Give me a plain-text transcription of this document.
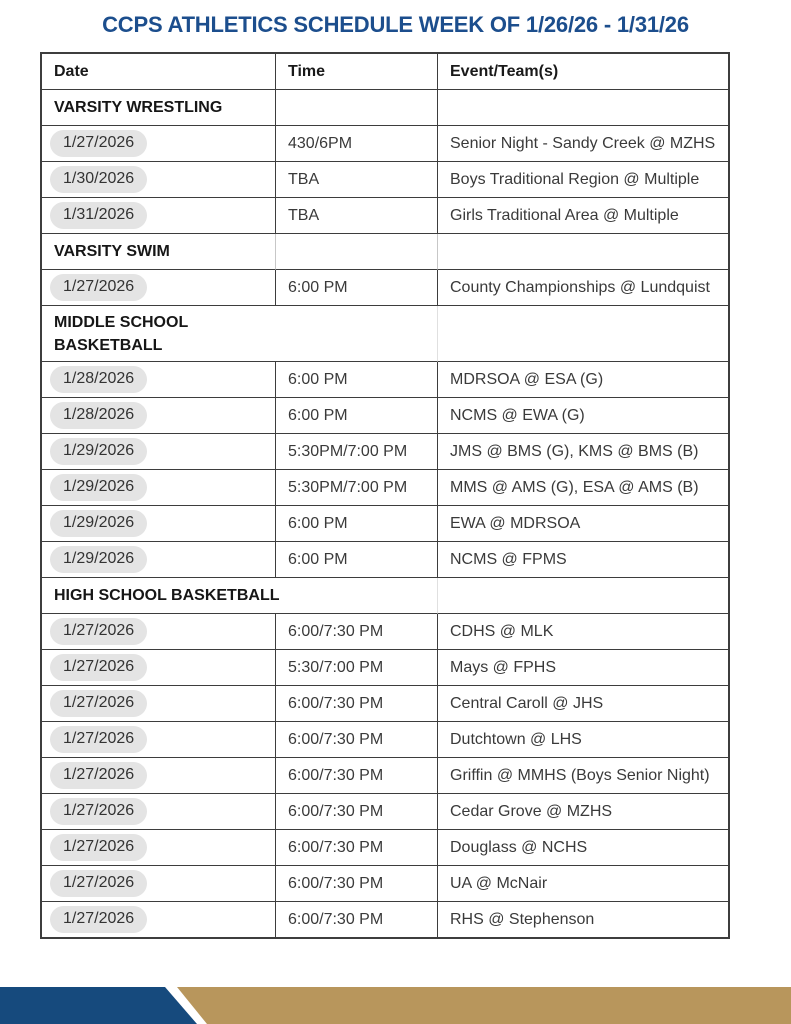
CCPS ATHLETICS SCHEDULE WEEK OF 1/26/26 - 1/31/26
Date	Time	Event/Team(s)
VARSITY WRESTLING		
1/27/2026	430/6PM	Senior Night - Sandy Creek @ MZHS
1/30/2026	TBA	Boys Traditional Region @ Multiple
1/31/2026	TBA	Girls Traditional Area @ Multiple
VARSITY SWIM		
1/27/2026	6:00 PM	County Championships @ Lundquist
MIDDLE SCHOOL BASKETBALL		
1/28/2026	6:00 PM	MDRSOA @ ESA (G)
1/28/2026	6:00 PM	NCMS @ EWA (G)
1/29/2026	5:30PM/7:00 PM	JMS @ BMS (G), KMS @ BMS (B)
1/29/2026	5:30PM/7:00 PM	MMS @ AMS (G), ESA @ AMS (B)
1/29/2026	6:00 PM	EWA @ MDRSOA
1/29/2026	6:00 PM	NCMS @ FPMS
HIGH SCHOOL BASKETBALL		
1/27/2026	6:00/7:30 PM	CDHS @ MLK
1/27/2026	5:30/7:00 PM	Mays @ FPHS
1/27/2026	6:00/7:30 PM	Central Caroll @ JHS
1/27/2026	6:00/7:30 PM	Dutchtown @ LHS
1/27/2026	6:00/7:30 PM	Griffin @ MMHS (Boys Senior Night)
1/27/2026	6:00/7:30 PM	Cedar Grove @ MZHS
1/27/2026	6:00/7:30 PM	Douglass @ NCHS
1/27/2026	6:00/7:30 PM	UA @ McNair
1/27/2026	6:00/7:30 PM	RHS @ Stephenson
